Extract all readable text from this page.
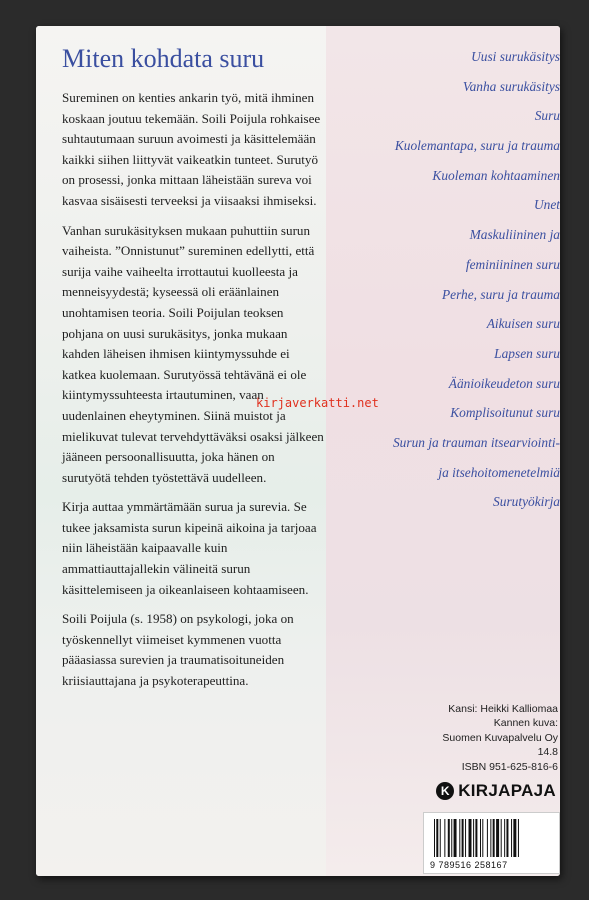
Miten kohdata suru

Sureminen on kenties ankarin työ, mitä ihminen koskaan joutuu tekemään. Soili Poijula rohkaisee suhtautumaan suruun avoimesti ja käsittelemään kaikki siihen liittyvät vaikeatkin tunteet. Surutyö on prosessi, jonka mittaan läheistään sureva voi kasvaa sisäisesti terveeksi ja viisaaksi ihmiseksi.

Vanhan surukäsityksen mukaan puhuttiin surun vaiheista. ”Onnistunut” sureminen edellytti, että surija vaihe vaiheelta irrottautui kuolleesta ja menneisyydestä; kyseessä oli eräänlainen unohtamisen teoria. Soili Poijulan teoksen pohjana on uusi surukäsitys, jonka mukaan kahden läheisen ihmisen kiintymyssuhde ei katkea kuolemaan. Surutyössä tehtävänä ei ole kiintymyssuhteesta irtautuminen, vaan uudenlainen eheytyminen. Siinä muistot ja mielikuvat tulevat tervehdyttäväksi osaksi jälkeen jääneen persoonallisuutta, joka hänen on surutyötä tehden työstettävä uudelleen.

Kirja auttaa ymmärtämään surua ja surevia. Se tukee jaksamista surun kipeinä aikoina ja tarjoaa niin läheistään kaipaavalle kuin ammattiauttajallekin välineitä surun käsittelemiseen ja oikeanlaiseen kohtaamiseen.

Soili Poijula (s. 1958) on psykologi, joka on työskennellyt viimeiset kymmenen vuotta pääasiassa surevien ja traumatisoituneiden kriisiauttajana ja psykoterapeuttina.

kirjaverkatti.net
Uusi surukäsitys
Vanha surukäsitys
Suru
Kuolemantapa, suru ja trauma
Kuoleman kohtaaminen
Unet
Maskuliininen ja
feminiininen suru
Perhe, suru ja trauma
Aikuisen suru
Lapsen suru
Äänioikeudeton suru
Komplisoitunut suru
Surun ja trauman itsearviointi-
ja itsehoitomenetelmiä
Surutyökirja
Kansi: Heikki Kalliomaa
Kannen kuva:
Suomen Kuvapalvelu Oy
14.8
ISBN 951-625-816-6
K KIRJAPAJA
9 789516 258167
